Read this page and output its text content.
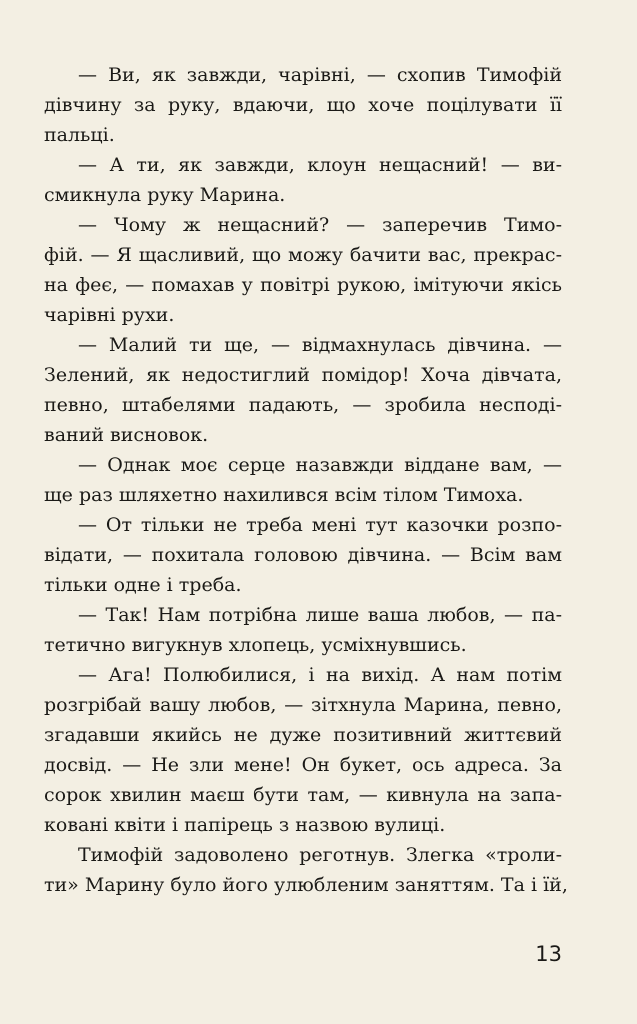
— Ви, як завжди, чарівні, — схопив Тимофій
дівчину за руку, вдаючи, що хоче поцілувати її
пальці.
— А ти, як завжди, клоун нещасний! — ви-
смикнула руку Марина.
— Чому ж нещасний? — заперечив Тимо-
фій. — Я щасливий, що можу бачити вас, прекрас-
на феє, — помахав у повітрі рукою, імітуючи якісь
чарівні рухи.
— Малий ти ще, — відмахнулась дівчина. —
Зелений, як недостиглий помідор! Хоча дівчата,
певно, штабелями падають, — зробила несподі-
ваний висновок.
— Однак моє серце назавжди віддане вам, —
ще раз шляхетно нахилився всім тілом Тимоха.
— От тільки не треба мені тут казочки розпо-
відати, — похитала головою дівчина. — Всім вам
тільки одне і треба.
— Так! Нам потрібна лише ваша любов, — па-
тетично вигукнув хлопець, усміхнувшись.
— Ага! Полюбилися, і на вихід. А нам потім
розгрібай вашу любов, — зітхнула Марина, певно,
згадавши якийсь не дуже позитивний життєвий
досвід. — Не зли мене! Он букет, ось адреса. За
сорок хвилин маєш бути там, — кивнула на запа-
ковані квіти і папірець з назвою вулиці.
Тимофій задоволено реготнув. Злегка «троли-
ти» Марину було його улюбленим заняттям. Та і їй,
13
